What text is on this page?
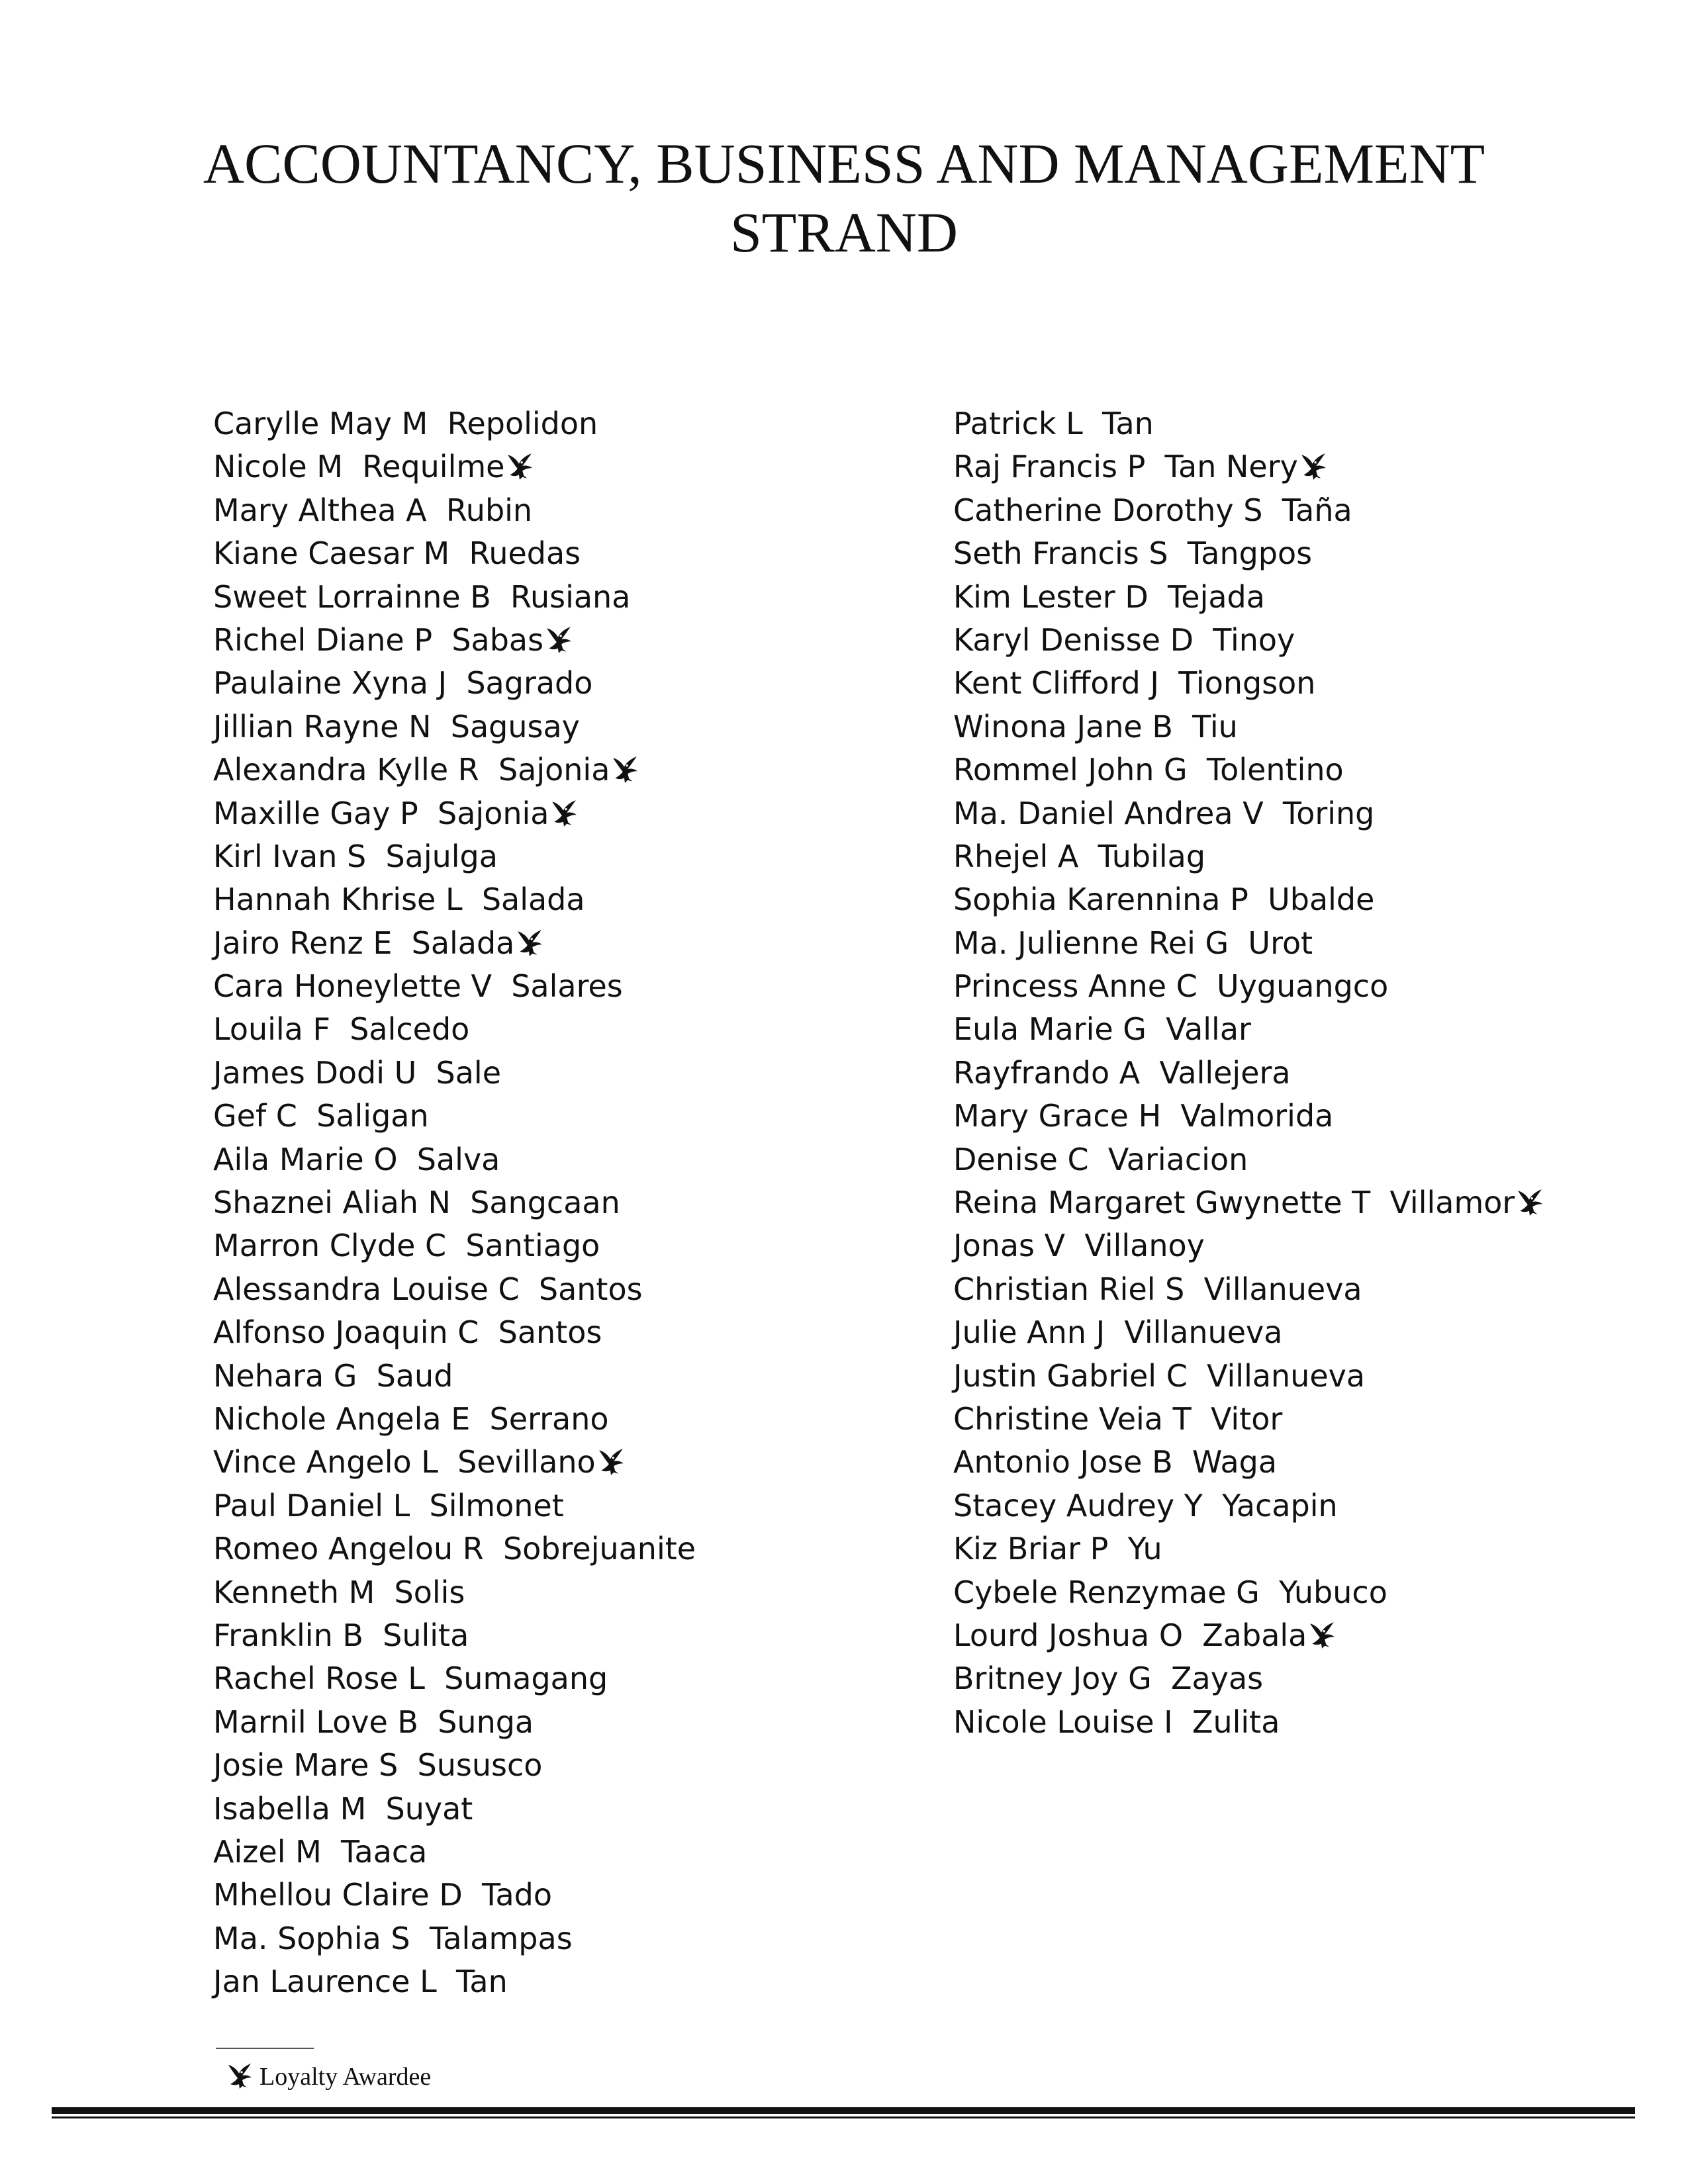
ACCOUNTANCY, BUSINESS AND MANAGEMENT
STRAND
Carylle May M  Repolidon
Nicole M  Requilme
Mary Althea A  Rubin
Kiane Caesar M  Ruedas
Sweet Lorrainne B  Rusiana
Richel Diane P  Sabas
Paulaine Xyna J  Sagrado
Jillian Rayne N  Sagusay
Alexandra Kylle R  Sajonia
Maxille Gay P  Sajonia
Kirl Ivan S  Sajulga
Hannah Khrise L  Salada
Jairo Renz E  Salada
Cara Honeylette V  Salares
Louila F  Salcedo
James Dodi U  Sale
Gef C  Saligan
Aila Marie O  Salva
Shaznei Aliah N  Sangcaan
Marron Clyde C  Santiago
Alessandra Louise C  Santos
Alfonso Joaquin C  Santos
Nehara G  Saud
Nichole Angela E  Serrano
Vince Angelo L  Sevillano
Paul Daniel L  Silmonet
Romeo Angelou R  Sobrejuanite
Kenneth M  Solis
Franklin B  Sulita
Rachel Rose L  Sumagang
Marnil Love B  Sunga
Josie Mare S  Sususco
Isabella M  Suyat
Aizel M  Taaca
Mhellou Claire D  Tado
Ma. Sophia S  Talampas
Jan Laurence L  Tan
Patrick L  Tan
Raj Francis P  Tan Nery
Catherine Dorothy S  Taña
Seth Francis S  Tangpos
Kim Lester D  Tejada
Karyl Denisse D  Tinoy
Kent Clifford J  Tiongson
Winona Jane B  Tiu
Rommel John G  Tolentino
Ma. Daniel Andrea V  Toring
Rhejel A  Tubilag
Sophia Karennina P  Ubalde
Ma. Julienne Rei G  Urot
Princess Anne C  Uyguangco
Eula Marie G  Vallar
Rayfrando A  Vallejera
Mary Grace H  Valmorida
Denise C  Variacion
Reina Margaret Gwynette T  Villamor
Jonas V  Villanoy
Christian Riel S  Villanueva
Julie Ann J  Villanueva
Justin Gabriel C  Villanueva
Christine Veia T  Vitor
Antonio Jose B  Waga
Stacey Audrey Y  Yacapin
Kiz Briar P  Yu
Cybele Renzymae G  Yubuco
Lourd Joshua O  Zabala
Britney Joy G  Zayas
Nicole Louise I  Zulita
Loyalty Awardee
